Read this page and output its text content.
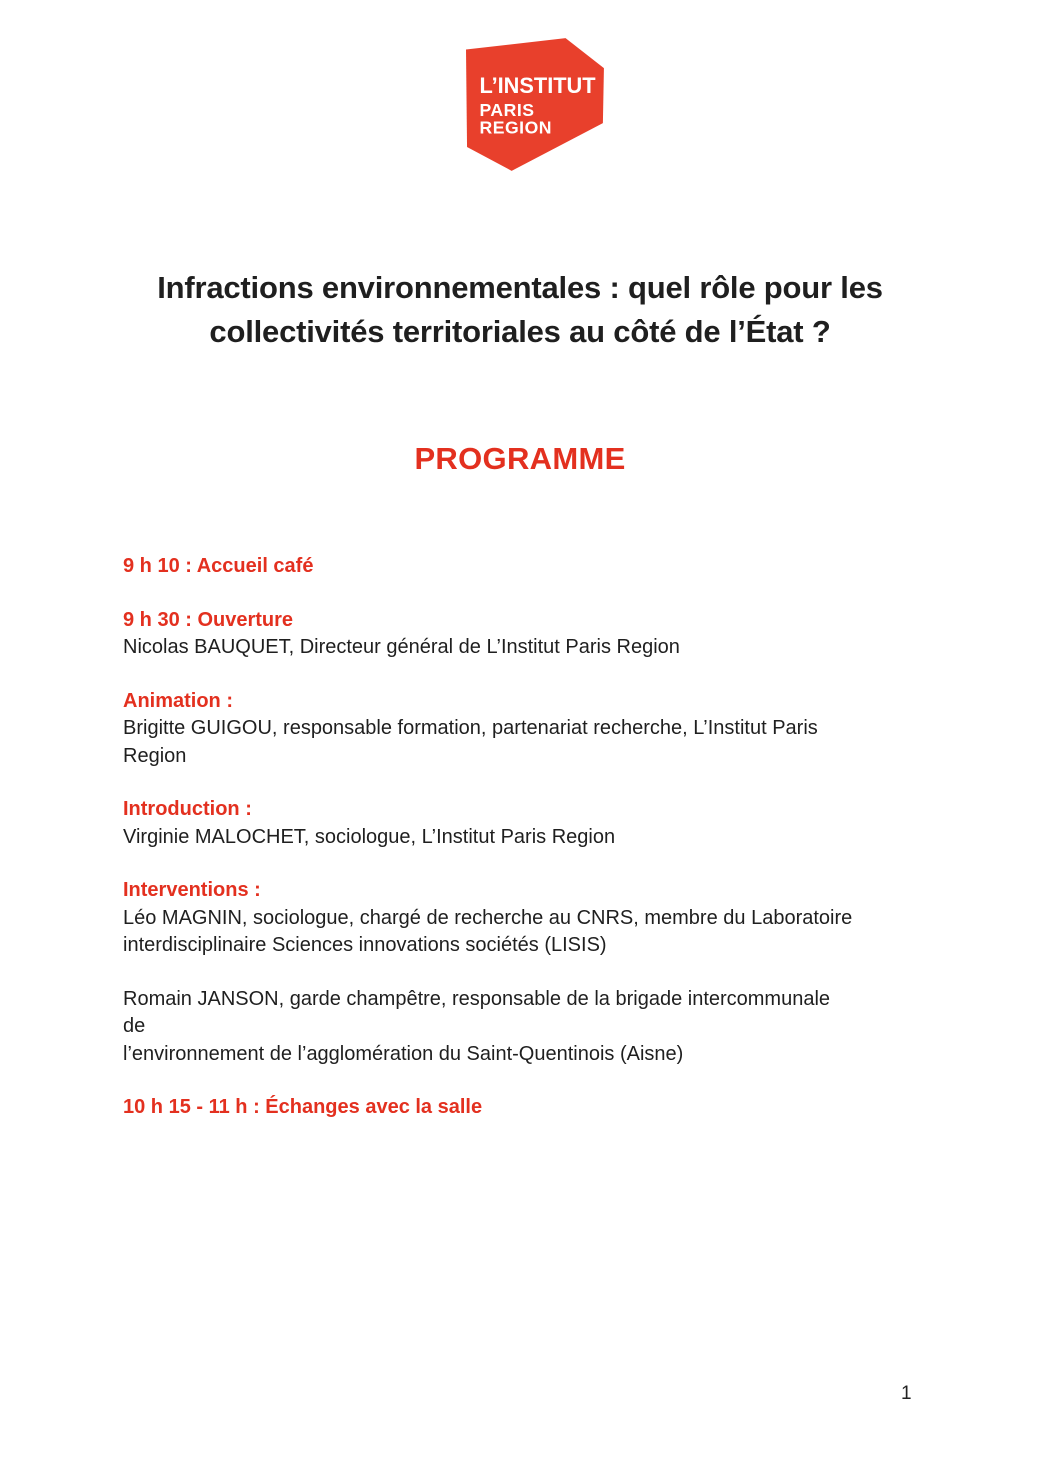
L’INSTITUT
PARIS
REGION
Infractions environnementales : quel rôle pour les
collectivités territoriales au côté de l’État ?
PROGRAMME
9 h 10 : Accueil café
9 h 30 : Ouverture
Nicolas BAUQUET, Directeur général de L’Institut Paris Region
Animation :
Brigitte GUIGOU, responsable formation, partenariat recherche, L’Institut Paris Region
Introduction :
Virginie MALOCHET, sociologue, L’Institut Paris Region
Interventions :
Léo MAGNIN, sociologue, chargé de recherche au CNRS, membre du Laboratoire
interdisciplinaire Sciences innovations sociétés (LISIS)
Romain JANSON, garde champêtre, responsable de la brigade intercommunale de
l’environnement de l’agglomération du Saint-Quentinois (Aisne)
10 h 15 - 11 h : Échanges avec la salle
1
